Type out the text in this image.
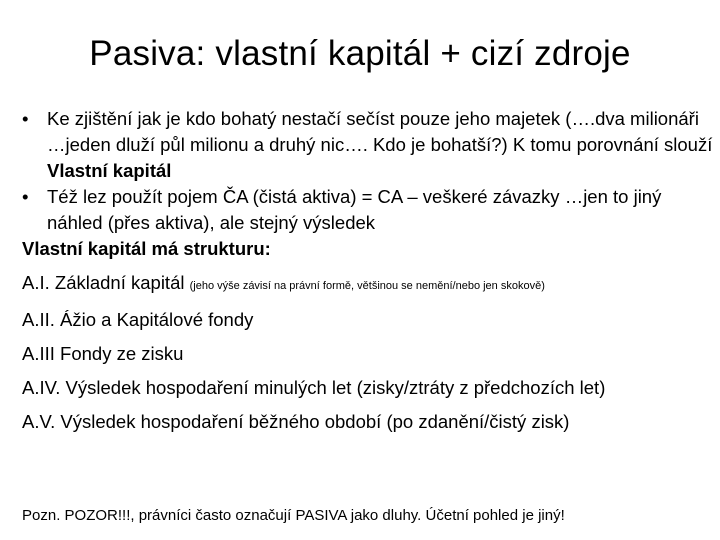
Pasiva: vlastní kapitál + cizí zdroje
• Ke zjištění jak je kdo bohatý nestačí sečíst pouze jeho majetek (….dva milionáři …jeden dluží půl milionu a druhý nic…. Kdo je bohatší?) K tomu porovnání slouží Vlastní kapitál
• Též lez použít pojem ČA (čistá aktiva) = CA – veškeré závazky …jen to jiný náhled (přes aktiva), ale stejný výsledek
Vlastní kapitál má strukturu:
A.I. Základní kapitál (jeho výše závisí na právní formě, většinou se nemění/nebo jen skokově)
A.II. Ážio a Kapitálové fondy
A.III Fondy ze zisku
A.IV. Výsledek hospodaření minulých let (zisky/ztráty z předchozích let)
A.V. Výsledek hospodaření běžného období (po zdanění/čistý zisk)
Pozn. POZOR!!!, právníci často označují PASIVA jako dluhy. Účetní pohled je jiný!
